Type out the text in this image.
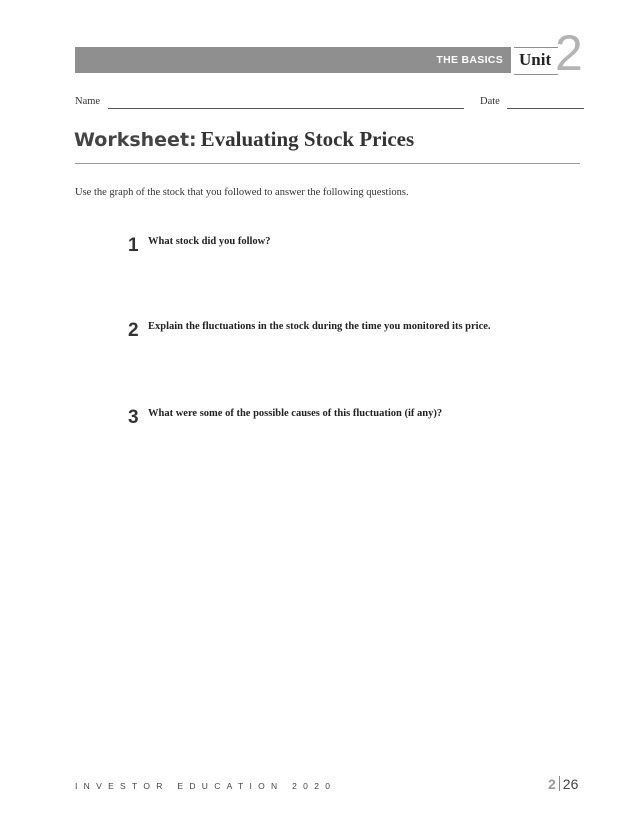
THE BASICS Unit 2
Name	Date
Worksheet: Evaluating Stock Prices
Use the graph of the stock that you followed to answer the following questions.
1 What stock did you follow?
2 Explain the fluctuations in the stock during the time you monitored its price.
3 What were some of the possible causes of this fluctuation (if any)?
INVESTOR EDUCATION 2020	2 26
